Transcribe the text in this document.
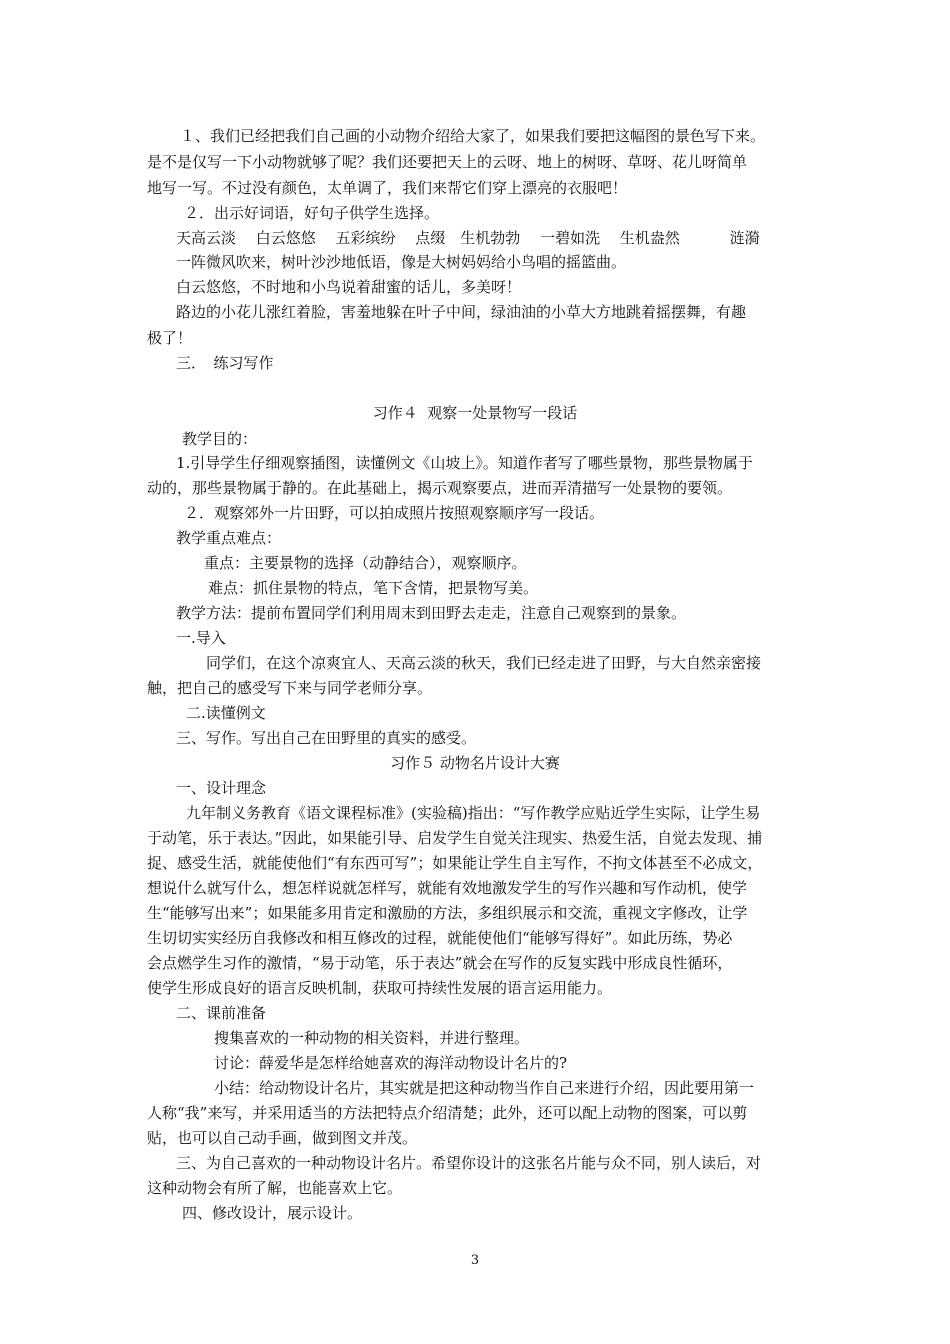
１、我们已经把我们自己画的小动物介绍给大家了，如果我们要把这幅图的景色写下来。
是不是仅写一下小动物就够了呢？我们还要把天上的云呀、地上的树呀、草呀、花儿呀简单
地写一写。不过没有颜色，太单调了，我们来帮它们穿上漂亮的衣服吧！
２．出示好词语，好句子供学生选择。
天高云淡　 白云悠悠　 五彩缤纷　 点缀　生机勃勃　 一碧如洗　 生机盎然　　　 涟漪
一阵微风吹来，树叶沙沙地低语，像是大树妈妈给小鸟唱的摇篮曲。
白云悠悠，不时地和小鸟说着甜蜜的话儿，多美呀！
路边的小花儿涨红着脸，害羞地躲在叶子中间，绿油油的小草大方地跳着摇摆舞，有趣
极了！
三．　练习写作
习作４  观察一处景物写一段话
教学目的：
1.引导学生仔细观察插图，读懂例文《山坡上》。知道作者写了哪些景物，那些景物属于
动的，那些景物属于静的。在此基础上，揭示观察要点，进而弄清描写一处景物的要领。
２．观察郊外一片田野，可以拍成照片按照观察顺序写一段话。
教学重点难点：
重点：主要景物的选择（动静结合），观察顺序。
难点：抓住景物的特点，笔下含情，把景物写美。
教学方法：提前布置同学们利用周末到田野去走走，注意自己观察到的景象。
一.导入
同学们，在这个凉爽宜人、天高云淡的秋天，我们已经走进了田野，与大自然亲密接
触，把自己的感受写下来与同学老师分享。
二.读懂例文
三、写作。写出自己在田野里的真实的感受。
习作５ 动物名片设计大赛
一、设计理念
九年制义务教育《语文课程标准》(实验稿)指出：“写作教学应贴近学生实际，让学生易
于动笔，乐于表达。”因此，如果能引导、启发学生自觉关注现实、热爱生活，自觉去发现、捕
捉、感受生活，就能使他们“有东西可写”；如果能让学生自主写作，不拘文体甚至不必成文，
想说什么就写什么，想怎样说就怎样写，就能有效地激发学生的写作兴趣和写作动机，使学
生“能够写出来”；如果能多用肯定和激励的方法，多组织展示和交流，重视文字修改，让学
生切切实实经历自我修改和相互修改的过程，就能使他们“能够写得好”。如此历练，势必
会点燃学生习作的激情，“易于动笔，乐于表达”就会在写作的反复实践中形成良性循环，
使学生形成良好的语言反映机制，获取可持续性发展的语言运用能力。
二、课前准备
搜集喜欢的一种动物的相关资料，并进行整理。
讨论：薛爱华是怎样给她喜欢的海洋动物设计名片的?
小结：给动物设计名片，其实就是把这种动物当作自己来进行介绍，因此要用第一
人称“我”来写，并采用适当的方法把特点介绍清楚；此外，还可以配上动物的图案，可以剪
贴，也可以自己动手画，做到图文并茂。
三、为自己喜欢的一种动物设计名片。希望你设计的这张名片能与众不同，别人读后，对
这种动物会有所了解，也能喜欢上它。
四、修改设计，展示设计。
3
